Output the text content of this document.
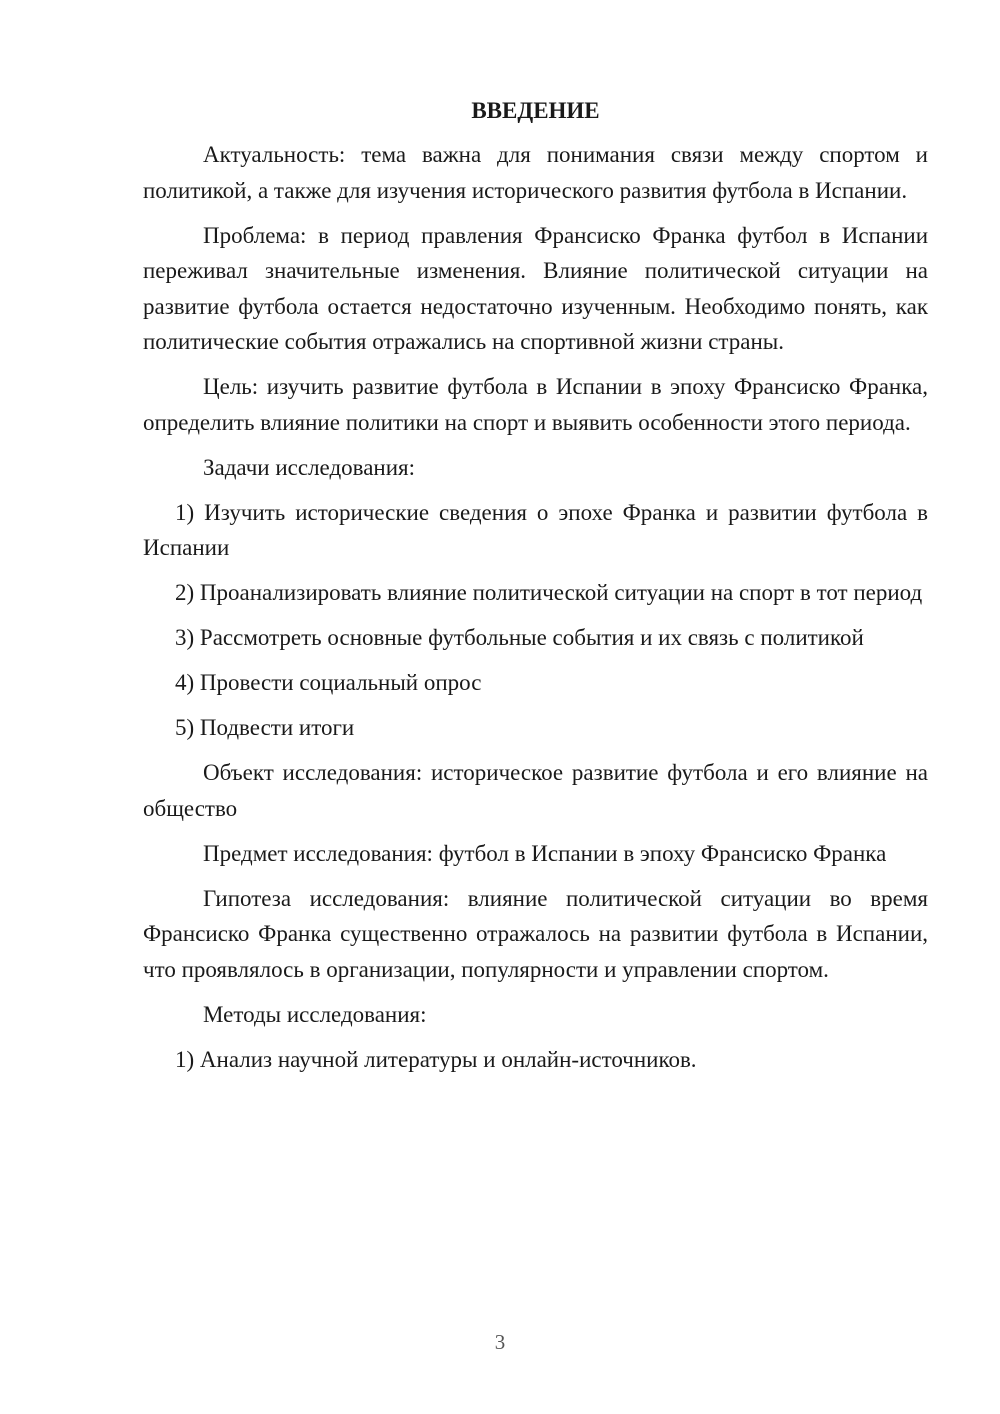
ВВЕДЕНИЕ

Актуальность: тема важна для понимания связи между спортом и политикой, а также для изучения исторического развития футбола в Испании.

Проблема: в период правления Франсиско Франка футбол в Испании переживал значительные изменения. Влияние политической ситуации на развитие футбола остается недостаточно изученным. Необходимо понять, как политические события отражались на спортивной жизни страны.

Цель: изучить развитие футбола в Испании в эпоху Франсиско Франка, определить влияние политики на спорт и выявить особенности этого периода.

Задачи исследования:

1) Изучить исторические сведения о эпохе Франка и развитии футбола в Испании

2) Проанализировать влияние политической ситуации на спорт в тот период

3) Рассмотреть основные футбольные события и их связь с политикой

4) Провести социальный опрос

5) Подвести итоги

Объект исследования: историческое развитие футбола и его влияние на общество

Предмет исследования: футбол в Испании в эпоху Франсиско Франка

Гипотеза исследования: влияние политической ситуации во время Франсиско Франка существенно отражалось на развитии футбола в Испании, что проявлялось в организации, популярности и управлении спортом.

Методы исследования:

1) Анализ научной литературы и онлайн-источников.

3
